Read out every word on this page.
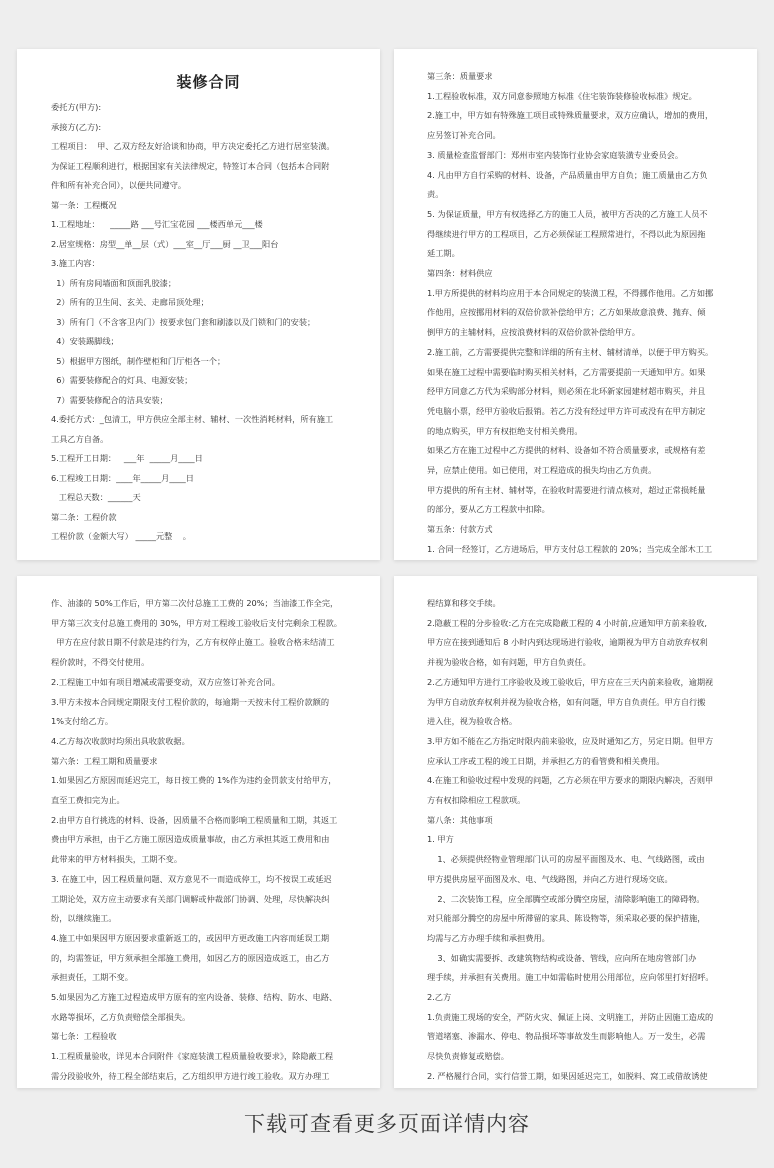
装修合同

委托方(甲方):

承接方(乙方):

工程项目：  甲、乙双方经友好洽谈和协商，甲方决定委托乙方进行居室装潢。

为保证工程顺利进行，根据国家有关法律规定，特签订本合同（包括本合同附

件和所有补充合同），以便共同遵守。

第一条：工程概况

1.工程地址：    _____路 ___号汇宝花园 ___楼西单元___楼

2.居室规格：房型__单__层（式）___室__厅___厨 __卫___阳台

3.施工内容：

1）所有房间墙面和顶面乳胶漆；

2）所有的卫生间、玄关、走廊吊顶处理；

3）所有门（不含客卫内门）按要求包门套和刷漆以及门锁和门的安装；

4）安装踢脚线；

5）根据甲方图纸，制作壁柜和门厅柜各一个；

6）需要装修配合的灯具、电源安装；

7）需要装修配合的洁具安装；

4.委托方式：_包清工，甲方供应全部主材、辅材、一次性消耗材料，所有施工

工具乙方自备。

5.工程开工日期：   ___年  _____月____日

6.工程竣工日期：____年_____月____日

工程总天数：______天

第二条：工程价款

工程价款（金额大写） _____元整    。

第三条：质量要求

1.工程验收标准，双方同意参照地方标准《住宅装饰装修验收标准》规定。

2.施工中，甲方如有特殊施工项目或特殊质量要求，双方应确认，增加的费用，

应另签订补充合同。

3. 质量检查监督部门：郑州市室内装饰行业协会家庭装潢专业委员会。

4. 凡由甲方自行采购的材料、设备，产品质量由甲方自负；施工质量由乙方负

责。

5. 为保证质量，甲方有权选择乙方的施工人员，被甲方否决的乙方施工人员不

得继续进行甲方的工程项目，乙方必须保证工程照常进行，不得以此为原因拖

延工期。

第四条：材料供应

1.甲方所提供的材料均应用于本合同规定的装潢工程，不得挪作他用。乙方如挪

作他用，应按挪用材料的双倍价款补偿给甲方；乙方如果故意浪费、抛弃、倾

倒甲方的主辅材料，应按浪费材料的双倍价款补偿给甲方。

2.施工前，乙方需要提供完整和详细的所有主材、辅材清单，以便于甲方购买。

如果在施工过程中需要临时购买相关材料，乙方需要提前一天通知甲方。如果

经甲方同意乙方代为采购部分材料，则必须在北环新家园建材超市购买，并且

凭电脑小票，经甲方验收后报销。若乙方没有经过甲方许可或没有在甲方制定

的地点购买，甲方有权拒绝支付相关费用。

如果乙方在施工过程中乙方提供的材料、设备如不符合质量要求，或规格有差

异，应禁止使用。如已使用，对工程造成的损失均由乙方负责。

甲方提供的所有主材、辅材等，在验收时需要进行清点核对，超过正常损耗量

的部分，要从乙方工程款中扣除。

第五条：付款方式

1. 合同一经签订，乙方进场后，甲方支付总工程款的 20%；当完成全部木工工

作、油漆的 50%工作后，甲方第二次付总施工工费的 20%；当油漆工作全完，

甲方第三次支付总施工费用的 30%，甲方对工程竣工验收后支付完剩余工程款。

甲方在应付款日期不付款是违约行为，乙方有权停止施工。验收合格未结清工

程价款时，不得交付使用。

2.工程施工中如有项目增减或需要变动，双方应签订补充合同。

3.甲方未按本合同规定期限支付工程价款的，每逾期一天按未付工程价款额的

1%支付给乙方。

4.乙方每次收款时均须出具收款收据。

第六条：工程工期和质量要求

1.如果因乙方原因而延迟完工，每日按工费的 1%作为违约金罚款支付给甲方，

直至工费扣完为止。

2.由甲方自行挑选的材料、设备，因质量不合格而影响工程质量和工期，其返工

费由甲方承担，由于乙方施工原因造成质量事故，由乙方承担其返工费用和由

此带来的甲方材料损失，工期不变。

3. 在施工中，因工程质量问题、双方意见不一而造成停工，均不按误工或延迟

工期论处，双方应主动要求有关部门调解或仲裁部门协调、处理，尽快解决纠

纷，以继续施工。

4.施工中如果因甲方原因要求重新返工的，或因甲方更改施工内容而延误工期

的，均需签证，甲方须承担全部施工费用，如因乙方的原因造成返工，由乙方

承担责任，工期不变。

5.如果因为乙方施工过程造成甲方原有的室内设备、装修、结构、防水、电路、

水路等损坏，乙方负责赔偿全部损失。

第七条：工程验收

1.工程质量验收，详见本合同附件《家庭装潢工程质量验收要求》，除隐蔽工程

需分段验收外，待工程全部结束后，乙方组织甲方进行竣工验收。双方办理工

程结算和移交手续。

2.隐蔽工程的分步验收:乙方在完成隐蔽工程的 4 小时前,应通知甲方前来验收,

甲方应在接到通知后 8 小时内到达现场进行验收，逾期视为甲方自动放弃权利

并视为验收合格，如有问题，甲方自负责任。

2.乙方通知甲方进行工序验收及竣工验收后，甲方应在三天内前来验收，逾期视

为甲方自动放弃权利并视为验收合格，如有问题，甲方自负责任。甲方自行搬

进入住，视为验收合格。

3.甲方如不能在乙方指定时限内前来验收，应及时通知乙方，另定日期。但甲方

应承认工序或工程的竣工日期，并承担乙方的看管费和相关费用。

4.在施工和验收过程中发现的问题，乙方必须在甲方要求的期限内解决，否则甲

方有权扣除相应工程款项。

第八条：其他事项

1. 甲方

1、必须提供经物业管理部门认可的房屋平面图及水、电、气线路图，或由

甲方提供房屋平面图及水、电、气线路图，并向乙方进行现场交底。

2、二次装饰工程，应全部腾空或部分腾空房屋，清除影响施工的障碍物。

对只能部分腾空的房屋中所滞留的家具、陈设物等，须采取必要的保护措施，

均需与乙方办理手续和承担费用。

3、如确实需要拆、改建筑物结构或设备、管线，应向所在地房管部门办

理手续，并承担有关费用。施工中如需临时使用公用部位，应向邻里打好招呼。

2.乙方

1.负责施工现场的安全，严防火灾、佩证上岗、文明施工，并防止因施工造成的

管道堵塞、渗漏水、停电、物品损坏等事故发生而影响他人。万一发生，必需

尽快负责修复或赔偿。

2. 严格履行合同，实行信誉工期，如果因延迟完工，如脱料、窝工或借故诱使

下载可查看更多页面详情内容
